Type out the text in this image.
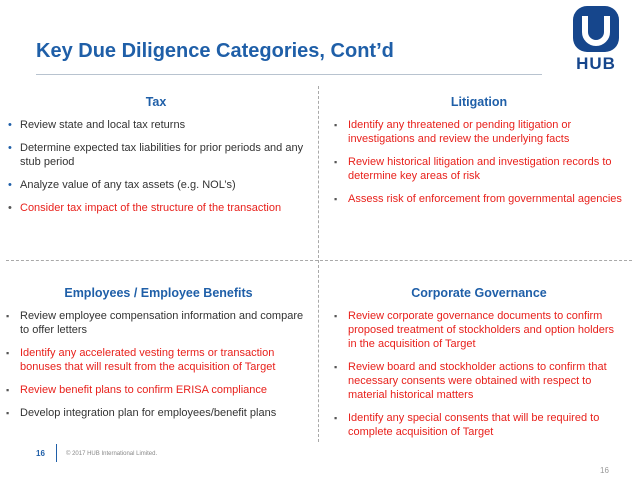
Key Due Diligence Categories, Cont’d
HUB
Tax
• Review state and local tax returns
• Determine expected tax liabilities for prior periods and any stub period
• Analyze value of any tax assets (e.g. NOL’s)
• Consider tax impact of the structure of the transaction
Litigation
▪ Identify any threatened or pending litigation or investigations and review the underlying facts
▪ Review historical litigation and investigation records to determine key areas of risk
▪ Assess risk of enforcement from governmental agencies
Employees / Employee Benefits
▪ Review employee compensation information and compare to offer letters
▪ Identify any accelerated vesting terms or transaction bonuses that will result from the acquisition of Target
▪ Review benefit plans to confirm ERISA compliance
▪ Develop integration plan for employees/benefit plans
Corporate Governance
▪ Review corporate governance documents to confirm proposed treatment of stockholders and option holders in the acquisition of Target
▪ Review board and stockholder actions to confirm that necessary consents were obtained with respect to material historical matters
▪ Identify any special consents that will be required to complete acquisition of Target
16	© 2017 HUB International Limited.
16
